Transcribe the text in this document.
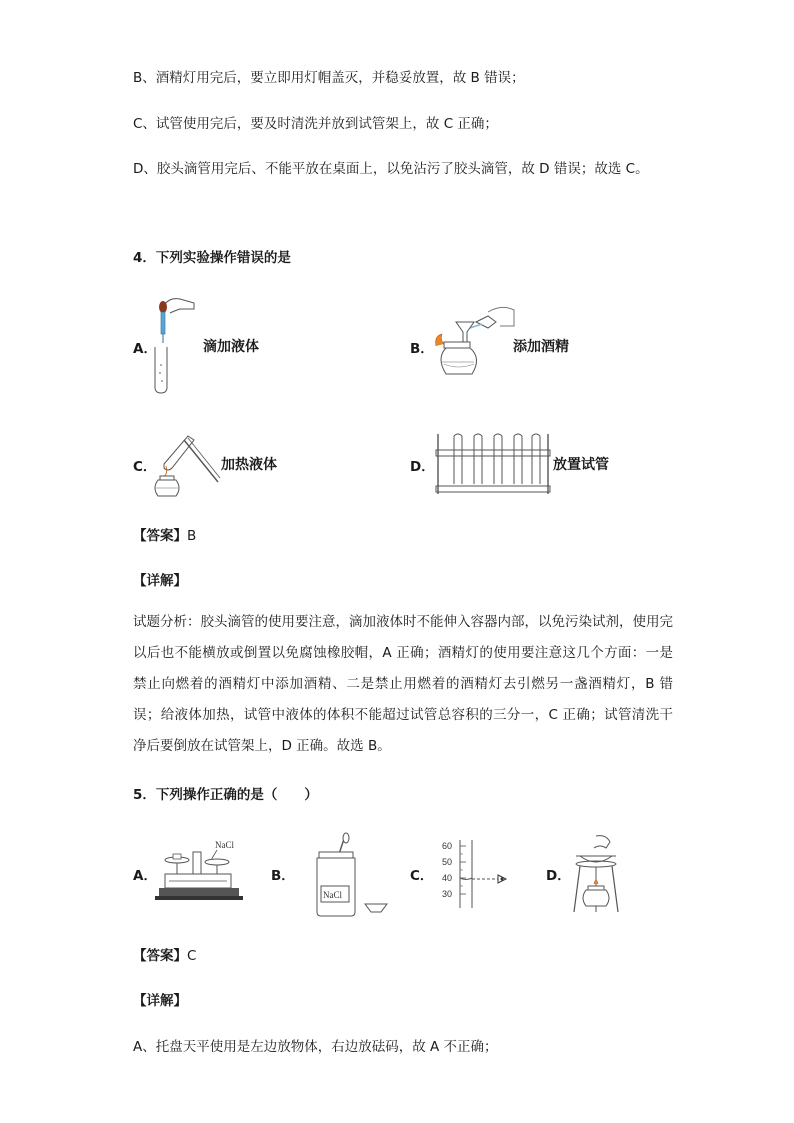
B、酒精灯用完后，要立即用灯帽盖灭，并稳妥放置，故 B 错误；
C、试管使用完后，要及时清洗并放到试管架上，故 C 正确；
D、胶头滴管用完后、不能平放在桌面上，以免沾污了胶头滴管，故 D 错误；故选 C。
4．下列实验操作错误的是
A．	滴加液体	B．	添加酒精
C．	加热液体	D．	放置试管
【答案】B
【详解】
试题分析：胶头滴管的使用要注意，滴加液体时不能伸入容器内部，以免污染试剂，使用完以后也不能横放或倒置以免腐蚀橡胶帽，A 正确；酒精灯的使用要注意这几个方面：一是禁止向燃着的酒精灯中添加酒精、二是禁止用燃着的酒精灯去引燃另一盏酒精灯，B 错误；给液体加热，试管中液体的体积不能超过试管总容积的三分一，C 正确；试管清洗干净后要倒放在试管架上，D 正确。故选 B。
5．下列操作正确的是（　　）
A．
NaCl
B．
NaCl
C．
60
50
40
30
D．
【答案】C
【详解】
A、托盘天平使用是左边放物体，右边放砝码，故 A 不正确；
